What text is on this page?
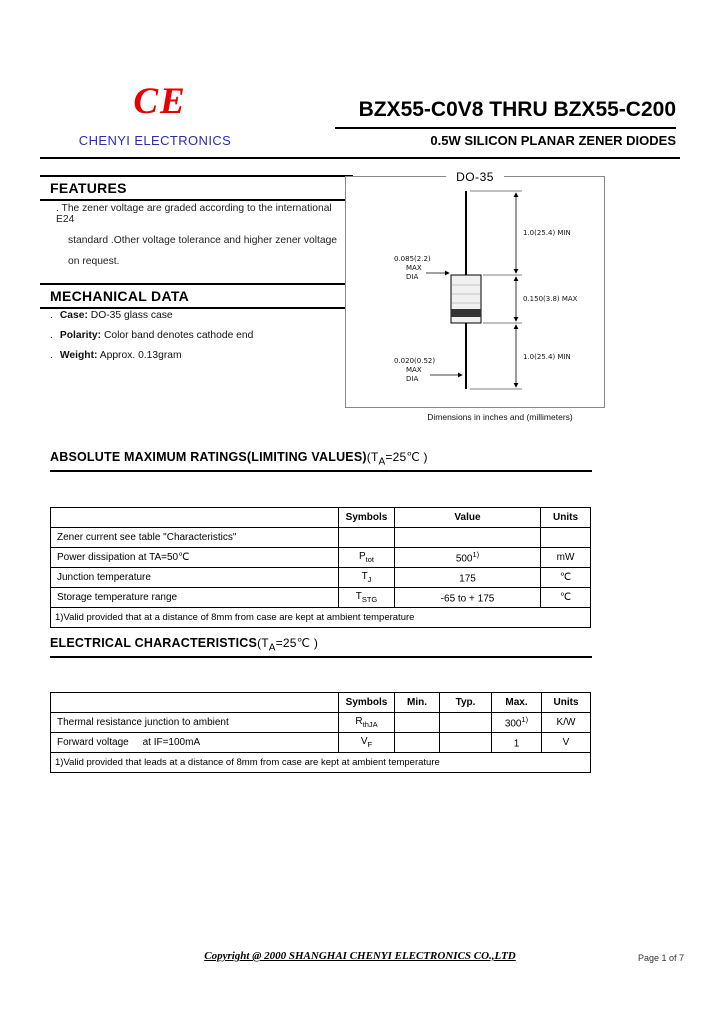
CE
CHENYI ELECTRONICS
BZX55-C0V8 THRU BZX55-C200
0.5W SILICON PLANAR ZENER DIODES
FEATURES
. The zener voltage are graded according to the international E24
standard .Other voltage tolerance and higher zener voltage
on request.
MECHANICAL DATA
. Case: DO-35 glass case
. Polarity: Color band denotes cathode end
. Weight: Approx. 0.13gram
DO-35
1.0(25.4) MIN
0.150(3.8) MAX
1.0(25.4) MIN
0.085(2.2)
MAX
DIA
0.020(0.52)
MAX
DIA
Dimensions in inches and (millimeters)
ABSOLUTE MAXIMUM RATINGS(LIMITING $VALUES)(T_A=25℃$ )
	Symbols	Value	Units
Zener current see table "Characteristics"			
Power dissipation at TA=50℃	$P_{tot}$	500$^{1)}$	mW
Junction temperature	$T_J$	175	℃
Storage temperature range	$T_{STG}$	-65 to + 175	℃
1)Valid provided that at a distance of 8mm from case are kept at ambient temperature			
ELECTRICAL $CHARACTERISTICS(T_A=25℃$ )
	Symbols	Min.	Typ.	Max.	Units
Thermal resistance junction to ambient	$R_{thJA}$			300$^{1)}$	K/W
Forward voltage     at IF=100mA	$V_F$			1	V
1)Valid provided that leads at a distance of 8mm from case are kept at ambient temperature					
Copyright @ 2000 SHANGHAI CHENYI ELECTRONICS CO.,LTD	Page 1 of 7
